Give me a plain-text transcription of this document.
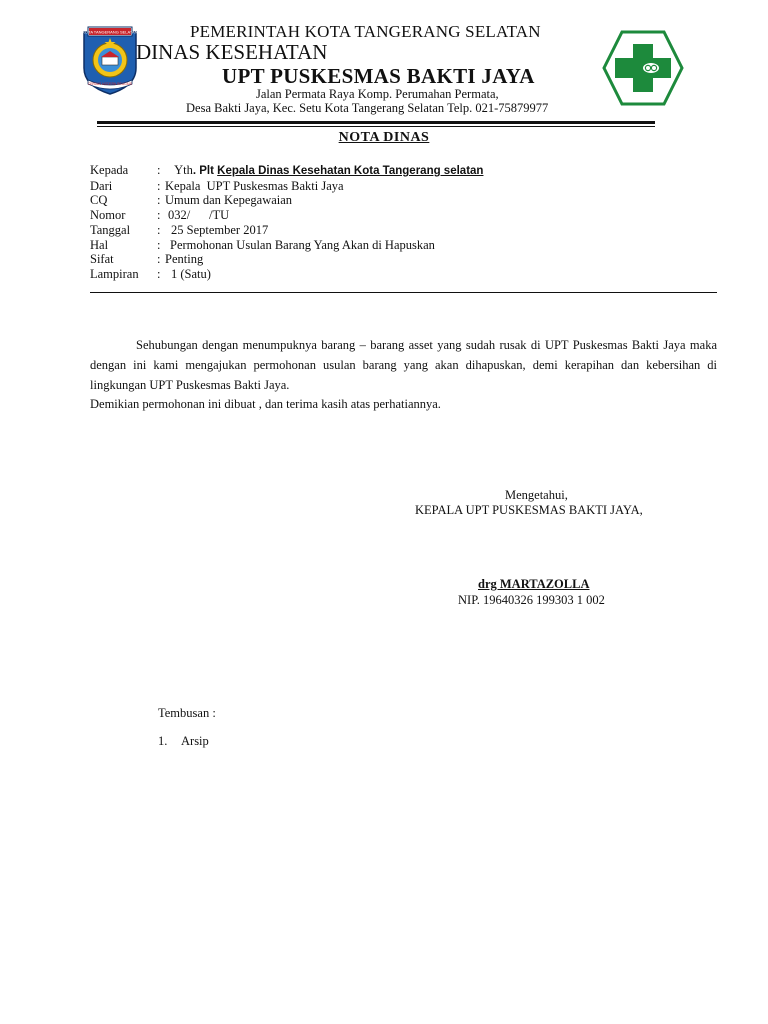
KOTA TANGERANG SELATAN
CERDAS MODERN RELIGIUS
PEMERINTAH KOTA TANGERANG SELATAN
DINAS KESEHATAN
UPT PUSKESMAS BAKTI JAYA
Jalan Permata Raya Komp. Perumahan Permata,
Desa Bakti Jaya, Kec. Setu Kota Tangerang Selatan Telp. 021-75879977
NOTA DINAS
Kepada	:	Yth. Plt Kepala Dinas Kesehatan Kota Tangerang selatan
Dari	: Kepala  UPT Puskesmas Bakti Jaya
CQ	: Umum dan Kepegawaian
Nomor	: 032/      /TU
Tanggal	: 25 September 2017
Hal	: Permohonan Usulan Barang Yang Akan di Hapuskan
Sifat	: Penting
Lampiran	: 1 (Satu)

Sehubungan dengan menumpuknya barang – barang asset yang sudah rusak di UPT Puskesmas Bakti Jaya maka dengan ini kami mengajukan permohonan usulan barang yang akan dihapuskan, demi kerapihan dan kebersihan di lingkungan UPT Puskesmas Bakti Jaya.

Demikian permohonan ini dibuat , dan terima kasih atas perhatiannya.

Mengetahui,
KEPALA UPT PUSKESMAS BAKTI JAYA,
drg MARTAZOLLA
NIP. 19640326 199303 1 002
Tembusan :
1. Arsip
